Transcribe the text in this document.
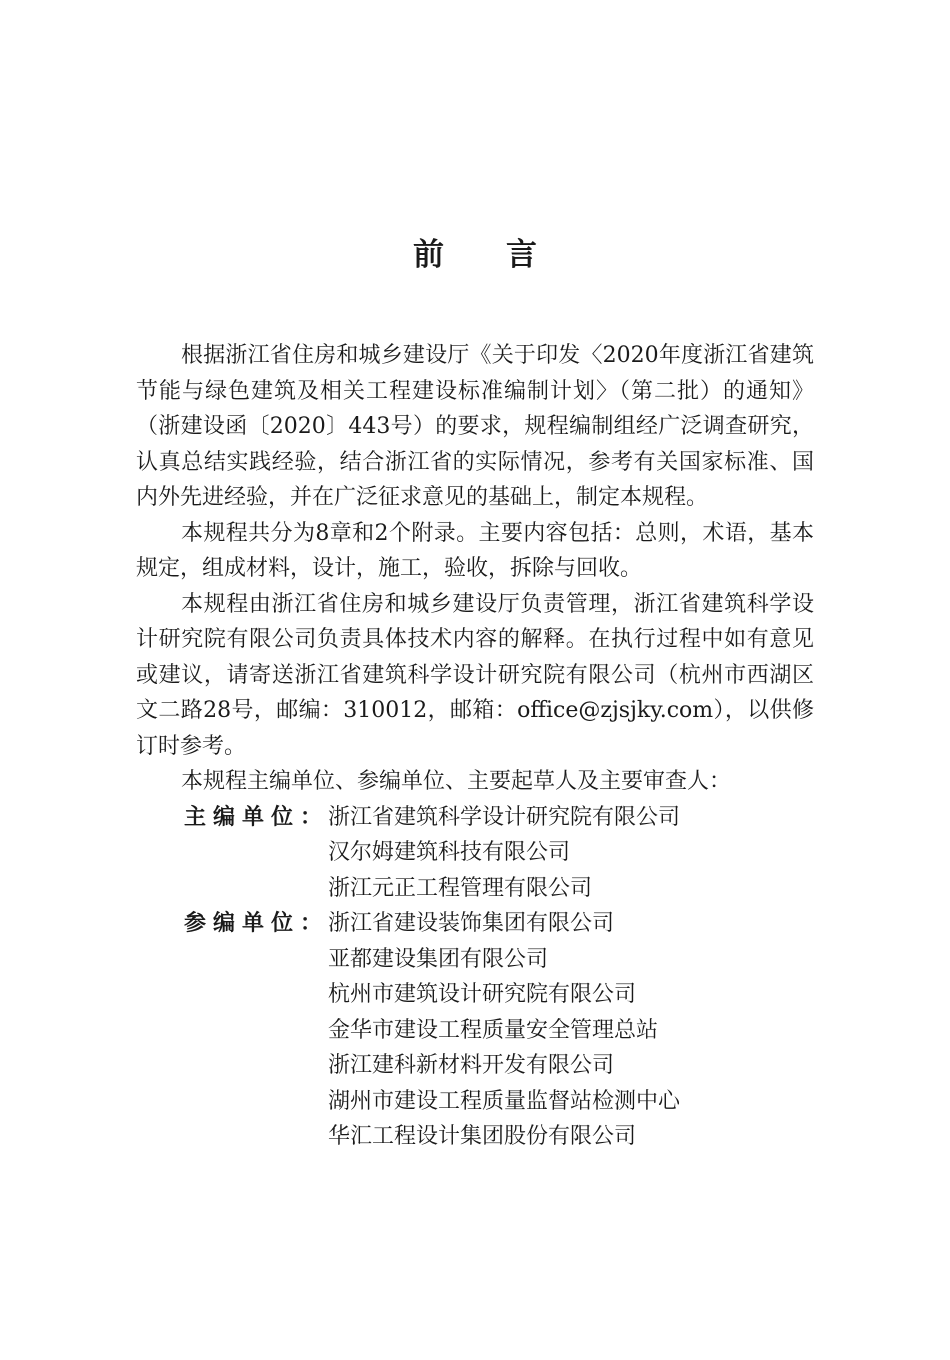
前 言

根据浙江省住房和城乡建设厅《关于印发〈2020年度浙江省建筑节能与绿色建筑及相关工程建设标准编制计划〉（第二批）的通知》（浙建设函〔2020〕443号）的要求，规程编制组经广泛调查研究，认真总结实践经验，结合浙江省的实际情况，参考有关国家标准、国内外先进经验，并在广泛征求意见的基础上，制定本规程。

本规程共分为8章和2个附录。主要内容包括：总则，术语，基本规定，组成材料，设计，施工，验收，拆除与回收。

本规程由浙江省住房和城乡建设厅负责管理，浙江省建筑科学设计研究院有限公司负责具体技术内容的解释。在执行过程中如有意见或建议，请寄送浙江省建筑科学设计研究院有限公司（杭州市西湖区文二路28号，邮编：310012，邮箱：office@zjsjky.com），以供修订时参考。

本规程主编单位、参编单位、主要起草人及主要审查人：

主编单位：
浙江省建筑科学设计研究院有限公司
汉尔姆建筑科技有限公司
浙江元正工程管理有限公司
参编单位：
浙江省建设装饰集团有限公司
亚都建设集团有限公司
杭州市建筑设计研究院有限公司
金华市建设工程质量安全管理总站
浙江建科新材料开发有限公司
湖州市建设工程质量监督站检测中心
华汇工程设计集团股份有限公司
